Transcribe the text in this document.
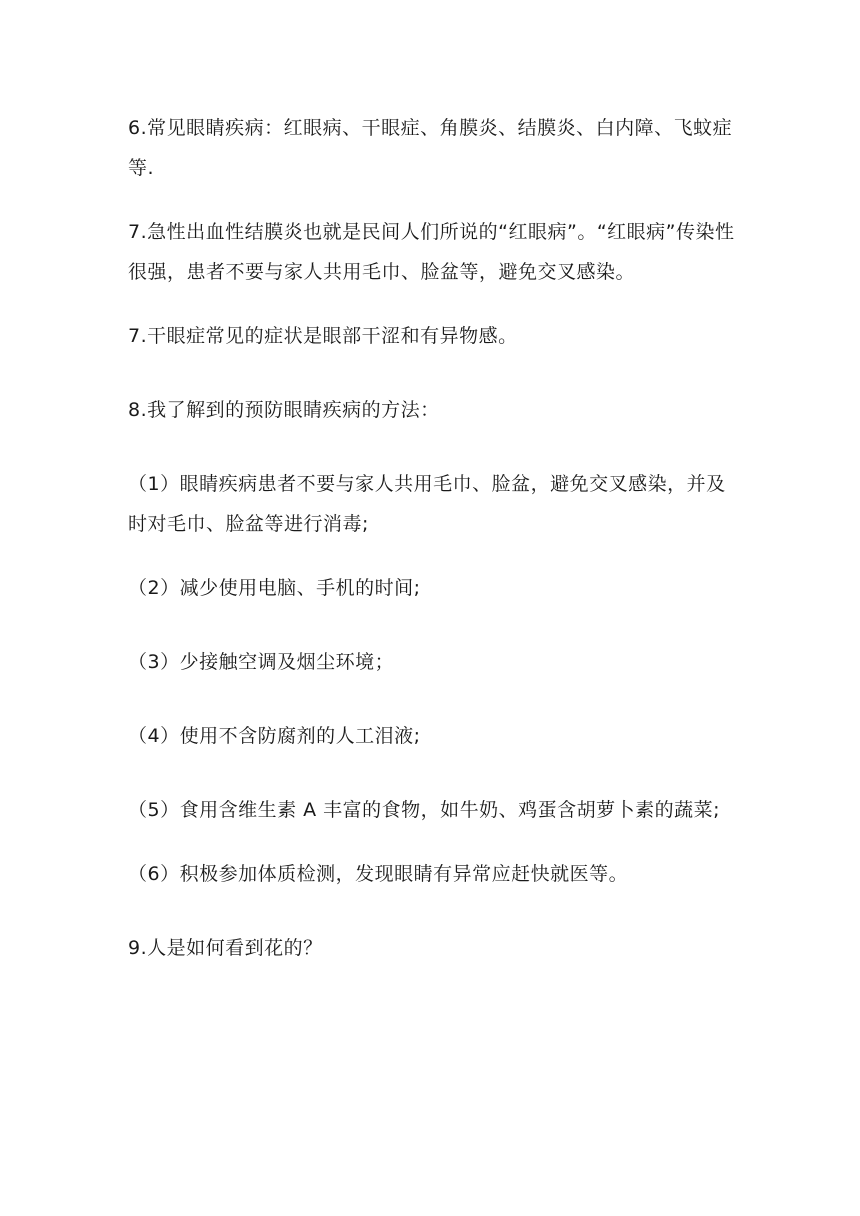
6.常见眼睛疾病：红眼病、干眼症、角膜炎、结膜炎、白内障、飞蚊症等.

7.急性出血性结膜炎也就是民间人们所说的“红眼病”。“红眼病”传染性很强，患者不要与家人共用毛巾、脸盆等，避免交叉感染。

7.干眼症常见的症状是眼部干涩和有异物感。

8.我了解到的预防眼睛疾病的方法：

（1）眼睛疾病患者不要与家人共用毛巾、脸盆，避免交叉感染，并及时对毛巾、脸盆等进行消毒;

（2）减少使用电脑、手机的时间;

（3）少接触空调及烟尘环境；

（4）使用不含防腐剂的人工泪液;

（5）食用含维生素 A 丰富的食物，如牛奶、鸡蛋含胡萝卜素的蔬菜;

（6）积极参加体质检测，发现眼睛有异常应赶快就医等。

9.人是如何看到花的？
